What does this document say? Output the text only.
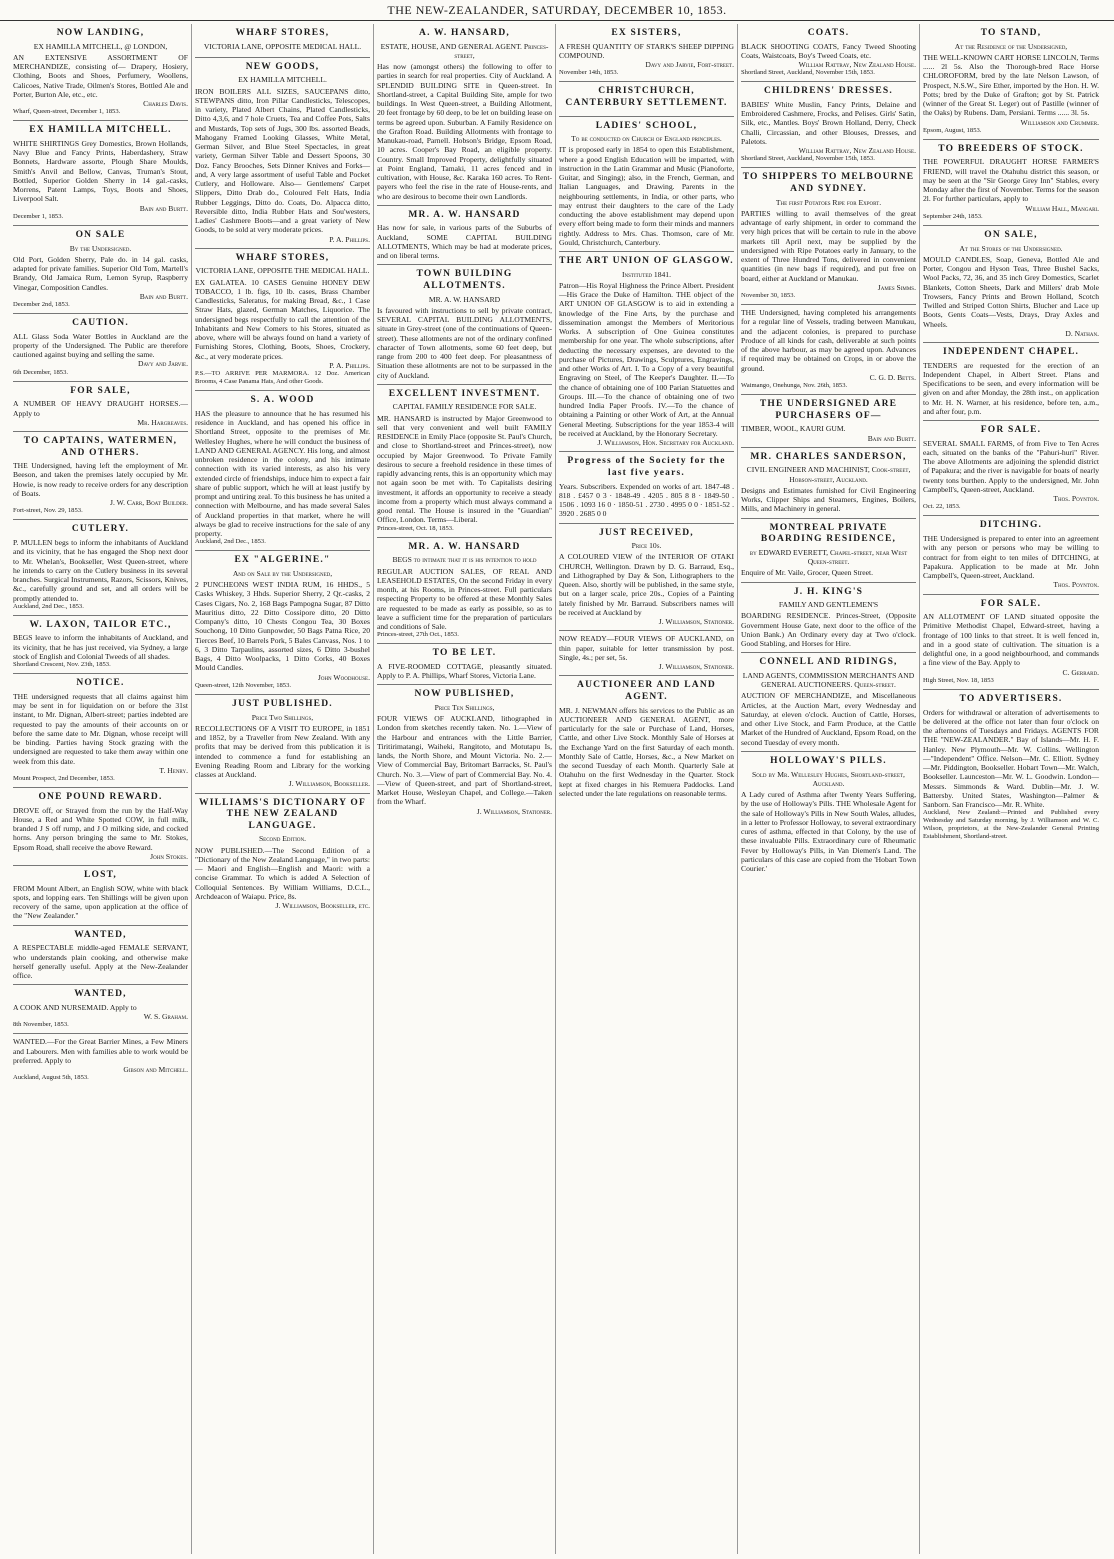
THE NEW-ZEALANDER, SATURDAY, DECEMBER 10, 1853.
NOW LANDING,
EX HAMILLA MITCHELL, @ LONDON,
AN EXTENSIVE ASSORTMENT OF MERCHANDIZE, consisting of— Drapery, Hosiery, Clothing, Boots and Shoes, Perfumery, Woollens, Calicoes, Native Trade, Oilmen's Stores, Bottled Ale and Porter, Burton Ale, etc., etc.
Charles Davis.
Wharf, Queen-street, December 1, 1853.
EX HAMILLA MITCHELL.
WHITE SHIRTINGS Grey Domestics, Brown Hollands, Navy Blue and Fancy Prints, Haberdashery, Straw Bonnets, Hardware assorte, Plough Share Moulds, Smith's Anvil and Bellow, Canvas, Truman's Stout, Bottled, Superior Golden Sherry in 14 gal.-casks, Morrens, Patent Lamps, Toys, Boots and Shoes, Liverpool Salt.
Bain and Burtt.
December 1, 1853.
ON SALE
By the Undersigned.
Old Port, Golden Sherry, Pale do. in 14 gal. casks, adapted for private families. Superior Old Tom, Martell's Brandy, Old Jamaica Rum, Lemon Syrup, Raspberry Vinegar, Composition Candles.
Bain and Burtt.
December 2nd, 1853.
CAUTION.
ALL Glass Soda Water Bottles in Auckland are the property of the Undersigned. The Public are therefore cautioned against buying and selling the same.
Davy and Jarvie.
6th December, 1853.
FOR SALE,
A NUMBER OF HEAVY DRAUGHT HORSES.—Apply to
Mr. Hargreaves.
TO CAPTAINS, WATERMEN, AND OTHERS.
THE Undersigned, having left the employment of Mr. Beeson, and taken the premises lately occupied by Mr. Howie, is now ready to receive orders for any description of Boats.
J. W. Carr, Boat Builder.
Fort-street, Nov. 29, 1853.
CUTLERY.
P. MULLEN begs to inform the inhabitants of Auckland and its vicinity, that he has engaged the Shop next door to Mr. Whelan's, Bookseller, West Queen-street, where he intends to carry on the Cutlery business in its several branches. Surgical Instruments, Razors, Scissors, Knives, &c., carefully ground and set, and all orders will be promptly attended to.
Auckland, 2nd Dec., 1853.
W. LAXON, TAILOR ETC.,
BEGS leave to inform the inhabitants of Auckland, and its vicinity, that he has just received, via Sydney, a large stock of English and Colonial Tweeds of all shades.
Shortland Crescent, Nov. 23th, 1853.
NOTICE.
THE undersigned requests that all claims against him may be sent in for liquidation on or before the 31st instant, to Mr. Dignan, Albert-street; parties indebted are requested to pay the amounts of their accounts on or before the same date to Mr. Dignan, whose receipt will be binding. Parties having Stock grazing with the undersigned are requested to take them away within one week from this date.
T. Henry.
Mount Prospect, 2nd December, 1853.
ONE POUND REWARD.
DROVE off, or Strayed from the run by the Half-Way House, a Red and White Spotted COW, in full milk, branded J S off rump, and J O milking side, and cocked horns. Any person bringing the same to Mr. Stokes, Epsom Road, shall receive the above Reward.
John Stokes.
LOST,
FROM Mount Albert, an English SOW, white with black spots, and lopping ears. Ten Shillings will be given upon recovery of the same, upon application at the office of the "New Zealander."
WANTED,
A RESPECTABLE middle-aged FEMALE SERVANT, who understands plain cooking, and otherwise make herself generally useful. Apply at the New-Zealander office.
WANTED,
A COOK AND NURSEMAID. Apply to
W. S. Graham.
8th November, 1853.
WANTED.—For the Great Barrier Mines, a Few Miners and Labourers. Men with families able to work would be preferred. Apply to
Gibson and Mitchell.
Auckland, August 5th, 1853.
WHARF STORES,
VICTORIA LANE, OPPOSITE MEDICAL HALL.
NEW GOODS,
EX HAMILLA MITCHELL.
IRON BOILERS ALL SIZES, SAUCEPANS ditto, STEWPANS ditto, Iron Pillar Candlesticks, Telescopes, in variety, Plated Albert Chains, Plated Candlesticks, Ditto 4,3,6, and 7 hole Cruets, Tea and Coffee Pots, Salts and Mustards, Top sets of Jugs, 300 lbs. assorted Beads, Mahogany Framed Looking Glasses, White Metal, German Silver, and Blue Steel Spectacles, in great variety, German Silver Table and Dessert Spoons, 30 Doz. Fancy Brooches, Sets Dinner Knives and Forks—and, A very large assortment of useful Table and Pocket Cutlery, and Holloware. Also— Gentlemens' Carpet Slippers, Ditto Drab do., Coloured Felt Hats, India Rubber Leggings, Ditto do. Coats, Do. Alpacca ditto, Reversible ditto, India Rubber Hats and Sou'westers, Ladies' Cashmere Boots—and a great variety of New Goods, to be sold at very moderate prices.
P. A. Phillips.
WHARF STORES,
VICTORIA LANE, OPPOSITE THE MEDICAL HALL.
EX GALATEA. 10 CASES Genuine HONEY DEW TOBACCO, 1 lb. figs, 10 lb. cases, Brass Chamber Candlesticks, Saleratus, for making Bread, &c., 1 Case Straw Hats, glazed, German Matches, Liquorice. The undersigned begs respectfully to call the attention of the Inhabitants and New Comers to his Stores, situated as above, where will be always found on hand a variety of Furnishing Stores, Clothing, Boots, Shoes, Crockery, &c., at very moderate prices.
P. A. Phillips.
P.S.—TO ARRIVE PER MARMORA. 12 Doz. American Brooms, 4 Case Panama Hats, And other Goods.
S. A. WOOD
HAS the pleasure to announce that he has resumed his residence in Auckland, and has opened his office in Shortland Street, opposite to the premises of Mr. Wellesley Hughes, where he will conduct the business of LAND AND GENERAL AGENCY. His long, and almost unbroken residence in the colony, and his intimate connection with its varied interests, as also his very extended circle of friendships, induce him to expect a fair share of public support, which he will at least justify by prompt and untiring zeal. To this business he has united a connection with Melbourne, and has made several Sales of Auckland properties in that market, where he will always be glad to receive instructions for the sale of any property.
Auckland, 2nd Dec., 1853.
EX "ALGERINE."
And on Sale by the Undersigned,
2 PUNCHEONS WEST INDIA RUM, 16 HHDS., 5 Casks Whiskey, 3 Hhds. Superior Sherry, 2 Qr.-casks, 2 Cases Cigars, No. 2, 168 Bags Pampogna Sugar, 87 Ditto Mauritius ditto, 22 Ditto Cossipore ditto, 20 Ditto Company's ditto, 10 Chests Congou Tea, 30 Boxes Souchong, 10 Ditto Gunpowder, 50 Bags Patna Rice, 20 Tierces Beef, 10 Barrels Pork, 5 Bales Canvass, Nos. 1 to 6, 3 Ditto Tarpaulins, assorted sizes, 6 Ditto 3-bushel Bags, 4 Ditto Woolpacks, 1 Ditto Corks, 40 Boxes Mould Candles.
John Woodhouse.
Queen-street, 12th November, 1853.
JUST PUBLISHED.
Price Two Shillings,
RECOLLECTIONS OF A VISIT TO EUROPE, in 1851 and 1852, by a Traveller from New Zealand. With any profits that may be derived from this publication it is intended to commence a fund for establishing an Evening Reading Room and Library for the working classes at Auckland.
J. Williamson, Bookseller.
WILLIAMS'S DICTIONARY OF THE NEW ZEALAND LANGUAGE.
Second Edition.
NOW PUBLISHED.—The Second Edition of a "Dictionary of the New Zealand Language," in two parts:— Maori and English—English and Maori: with a concise Grammar. To which is added A Selection of Colloquial Sentences. By William Williams, D.C.L., Archdeacon of Waiapu. Price, 8s.
J. Williamson, Bookseller, etc.
A. W. HANSARD,
ESTATE, HOUSE, AND GENERAL AGENT. Princes-street,
Has now (amongst others) the following to offer to parties in search for real properties. City of Auckland. A SPLENDID BUILDING SITE in Queen-street. In Shortland-street, a Capital Building Site, ample for two buildings. In West Queen-street, a Building Allotment, 20 feet frontage by 60 deep, to be let on building lease on terms be agreed upon. Suburban. A Family Residence on the Grafton Road. Building Allotments with frontage to Manukau-road, Parnell. Hobson's Bridge, Epsom Road, 10 acres. Cooper's Bay Road, an eligible property. Country. Small Improved Property, delightfully situated at Point England, Tamaki, 11 acres fenced and in cultivation, with House, &c. Karaka 160 acres. To Rent-payers who feel the rise in the rate of House-rents, and who are desirous to become their own Landlords.
MR. A. W. HANSARD
Has now for sale, in various parts of the Suburbs of Auckland, SOME CAPITAL BUILDING ALLOTMENTS, Which may be had at moderate prices, and on liberal terms.
TOWN BUILDING ALLOTMENTS.
MR. A. W. HANSARD
Is favoured with instructions to sell by private contract, SEVERAL CAPITAL BUILDING ALLOTMENTS, situate in Grey-street (one of the continuations of Queen-street). These allotments are not of the ordinary confined character of Town allotments, some 60 feet deep, but range from 200 to 400 feet deep. For pleasantness of Situation these allotments are not to be surpassed in the city of Auckland.
EXCELLENT INVESTMENT.
CAPITAL FAMILY RESIDENCE FOR SALE.
MR. HANSARD is instructed by Major Greenwood to sell that very convenient and well built FAMILY RESIDENCE in Emily Place (opposite St. Paul's Church, and close to Shortland-street and Princes-street), now occupied by Major Greenwood. To Private Family desirous to secure a freehold residence in these times of rapidly advancing rents, this is an opportunity which may not again soon be met with. To Capitalists desiring investment, it affords an opportunity to receive a steady income from a property which must always command a good rental. The House is insured in the "Guardian" Office, London. Terms—Liberal.
Princes-street, Oct. 18, 1853.
MR. A. W. HANSARD
BEGS to intimate that it is his intention to hold
REGULAR AUCTION SALES, OF REAL AND LEASEHOLD ESTATES, On the second Friday in every month, at his Rooms, in Princes-street. Full particulars respecting Property to be offered at these Monthly Sales are requested to be made as early as possible, so as to leave a sufficient time for the preparation of particulars and conditions of Sale.
Princes-street, 27th Oct., 1853.
TO BE LET.
A FIVE-ROOMED COTTAGE, pleasantly situated. Apply to P. A. Phillips, Wharf Stores, Victoria Lane.
NOW PUBLISHED,
Price Ten Shillings,
FOUR VIEWS OF AUCKLAND, lithographed in London from sketches recently taken. No. 1.—View of the Harbour and entrances with the Little Barrier, Tiritirimatangi, Waiheki, Rangitoto, and Motutapu Is, lands, the North Shore, and Mount Victoria. No. 2.—View of Commercial Bay, Britomart Barracks, St. Paul's Church. No. 3.—View of part of Commercial Bay. No. 4.—View of Queen-street, and part of Shortland-street, Market House, Wesleyan Chapel, and College.—Taken from the Wharf.
J. Williamson, Stationer.
EX SISTERS,
A FRESH QUANTITY OF STARK'S SHEEP DIPPING COMPOUND.
Davy and Jarvie, Fort-street.
November 14th, 1853.
CHRISTCHURCH, CANTERBURY SETTLEMENT.
LADIES' SCHOOL,
To be conducted on Church of England principles.
IT is proposed early in 1854 to open this Establishment, where a good English Education will be imparted, with instruction in the Latin Grammar and Music (Pianoforte, Guitar, and Singing); also, in the French, German, and Italian Languages, and Drawing. Parents in the neighbouring settlements, in India, or other parts, who may entrust their daughters to the care of the Lady conducting the above establishment may depend upon every effort being made to form their minds and manners rightly. Address to Mrs. Chas. Thomson, care of Mr. Gould, Christchurch, Canterbury.
THE ART UNION OF GLASGOW.
Instituted 1841.
Patron—His Royal Highness the Prince Albert. President—His Grace the Duke of Hamilton. THE object of the ART UNION OF GLASGOW is to aid in extending a knowledge of the Fine Arts, by the purchase and dissemination amongst the Members of Meritorious Works. A subscription of One Guinea constitutes membership for one year. The whole subscriptions, after deducting the necessary expenses, are devoted to the purchase of Pictures, Drawings, Sculptures, Engravings, and other Works of Art. I. To a Copy of a very beautiful Engraving on Steel, of The Keeper's Daughter. II.—To the chance of obtaining one of 100 Parian Statuettes and Groups. III.—To the chance of obtaining one of two hundred India Paper Proofs. IV.—To the chance of obtaining a Painting or other Work of Art, at the Annual General Meeting. Subscriptions for the year 1853-4 will be received at Auckland, by the Honorary Secretary.
J. Williamson, Hon. Secretary for Auckland.
Progress of the Society for the last five years.
Years. Subscribers. Expended on works of art. 1847-48 . 818 . £457 0 3 · 1848-49 . 4205 . 805 8 8 · 1849-50 . 1506 . 1093 16 0 · 1850-51 . 2730 . 4995 0 0 · 1851-52 . 3920 . 2685 0 0
JUST RECEIVED,
Price 10s.
A COLOURED VIEW of the INTERIOR OF OTAKI CHURCH, Wellington. Drawn by D. G. Barraud, Esq., and Lithographed by Day & Son, Lithographers to the Queen. Also, shortly will be published, in the same style, but on a larger scale, price 20s., Copies of a Painting lately finished by Mr. Barraud. Subscribers names will be received at Auckland by
J. Williamson, Stationer.
NOW READY—FOUR VIEWS OF AUCKLAND, on thin paper, suitable for letter transmission by post. Single, 4s.; per set, 5s.
J. Williamson, Stationer.
AUCTIONEER AND LAND AGENT.
MR. J. NEWMAN offers his services to the Public as an AUCTIONEER AND GENERAL AGENT, more particularly for the sale or Purchase of Land, Horses, Cattle, and other Live Stock. Monthly Sale of Horses at the Exchange Yard on the first Saturday of each month. Monthly Sale of Cattle, Horses, &c., a New Market on the second Tuesday of each Month. Quarterly Sale at Otahuhu on the first Wednesday in the Quarter. Stock kept at fixed charges in his Remuera Paddocks. Land selected under the late regulations on reasonable terms.
COATS.
BLACK SHOOTING COATS, Fancy Tweed Shooting Coats, Waistcoats, Boy's Tweed Coats, etc.
William Rattray, New Zealand House.
Shortland Street, Auckland, November 15th, 1853.
CHILDRENS' DRESSES.
BABIES' White Muslin, Fancy Prints, Delaine and Embroidered Cashmere, Frocks, and Pelises. Girls' Satin, Silk, etc., Mantles. Boys' Brown Holland, Derry, Check Challi, Circassian, and other Blouses, Dresses, and Paletots.
William Rattray, New Zealand House.
Shortland Street, Auckland, November 15th, 1853.
TO SHIPPERS TO MELBOURNE AND SYDNEY.
The first Potatoes Ripe for Export.
PARTIES willing to avail themselves of the great advantage of early shipment, in order to command the very high prices that will be certain to rule in the above markets till April next, may be supplied by the undersigned with Ripe Potatoes early in January, to the extent of Three Hundred Tons, delivered in convenient quantities (in new bags if required), and put free on board, either at Auckland or Manukau.
James Simms.
November 30, 1853.
THE Undersigned, having completed his arrangements for a regular line of Vessels, trading between Manukau, and the adjacent colonies, is prepared to purchase Produce of all kinds for cash, deliverable at such points of the above harbour, as may be agreed upon. Advances if required may be obtained on Crops, in or above the ground.
C. G. D. Betts.
Waimango, Onehunga, Nov. 26th, 1853.
THE UNDERSIGNED ARE PURCHASERS OF—
TIMBER, WOOL, KAURI GUM.
Bain and Burtt.
MR. CHARLES SANDERSON,
CIVIL ENGINEER AND MACHINIST, Cook-street, Hobson-street, Auckland.
Designs and Estimates furnished for Civil Engineering Works, Clipper Ships and Steamers, Engines, Boilers, Mills, and Machinery in general.
MONTREAL PRIVATE BOARDING RESIDENCE,
by EDWARD EVERETT, Chapel-street, near West Queen-street.
Enquire of Mr. Vaile, Grocer, Queen Street.
J. H. KING'S
FAMILY AND GENTLEMEN'S
BOARDING RESIDENCE. Princes-Street, (Opposite Government House Gate, next door to the office of the Union Bank.) An Ordinary every day at Two o'clock. Good Stabling, and Horses for Hire.
CONNELL AND RIDINGS,
LAND AGENTS, COMMISSION MERCHANTS AND GENERAL AUCTIONEERS. Queen-street.
AUCTION OF MERCHANDIZE, and Miscellaneous Articles, at the Auction Mart, every Wednesday and Saturday, at eleven o'clock. Auction of Cattle, Horses, and other Live Stock, and Farm Produce, at the Cattle Market of the Hundred of Auckland, Epsom Road, on the second Tuesday of every month.
HOLLOWAY'S PILLS.
Sold by Mr. Wellesley Hughes, Shortland-street, Auckland.
A Lady cured of Asthma after Twenty Years Suffering, by the use of Holloway's Pills. THE Wholesale Agent for the sale of Holloway's Pills in New South Wales, alludes, in a letter to Professor Holloway, to several extraordinary cures of asthma, effected in that Colony, by the use of these invaluable Pills. Extraordinary cure of Rheumatic Fever by Holloway's Pills, in Van Diemen's Land. The particulars of this case are copied from the 'Hobart Town Courier.'
TO STAND,
At the Residence of the Undersigned,
THE WELL-KNOWN CART HORSE LINCOLN, Terms ...... 2l 5s. Also the Thorough-bred Race Horse CHLOROFORM, bred by the late Nelson Lawson, of Prospect, N.S.W., Sire Ether, imported by the Hon. H. W. Potts; bred by the Duke of Grafton; got by St. Patrick (winner of the Great St. Leger) out of Pastille (winner of the Oaks) by Rubens. Dam, Persiani. Terms ...... 3l. 5s.
Williamson and Crummer.
Epsom, August, 1853.
TO BREEDERS OF STOCK.
THE POWERFUL DRAUGHT HORSE FARMER'S FRIEND, will travel the Otahuhu district this season, or may be seen at the "Sir George Grey Inn" Stables, every Monday after the first of November. Terms for the season 2l. For further particulars, apply to
William Hall, Mangari.
September 24th, 1853.
ON SALE,
At the Stores of the Undersigned.
MOULD CANDLES, Soap, Geneva, Bottled Ale and Porter, Congou and Hyson Teas, Three Bushel Sacks, Wool Packs, 72, 36, and 35 inch Grey Domestics, Scarlet Blankets, Cotton Sheets, Dark and Millers' drab Mole Trowsers, Fancy Prints and Brown Holland, Scotch Twilled and Striped Cotton Shirts, Blucher and Lace up Boots, Gents Coats—Vests, Drays, Dray Axles and Wheels.
D. Nathan.
INDEPENDENT CHAPEL.
TENDERS are requested for the erection of an Independent Chapel, in Albert Street. Plans and Specifications to be seen, and every information will be given on and after Monday, the 28th inst., on application to Mr. H. N. Warner, at his residence, before ten, a.m., and after four, p.m.
FOR SALE.
SEVERAL SMALL FARMS, of from Five to Ten Acres each, situated on the banks of the "Pahuri-huri" River. The above Allotments are adjoining the splendid district of Papakura; and the river is navigable for boats of nearly twenty tons burthen. Apply to the undersigned, Mr. John Campbell's, Queen-street, Auckland.
Thos. Poynton.
Oct. 22, 1853.
DITCHING.
THE Undersigned is prepared to enter into an agreement with any person or persons who may be willing to contract for from eight to ten miles of DITCHING, at Papakura. Application to be made at Mr. John Campbell's, Queen-street, Auckland.
Thos. Poynton.
FOR SALE.
AN ALLOTMENT OF LAND situated opposite the Primitive Methodist Chapel, Edward-street, having a frontage of 100 links to that street. It is well fenced in, and in a good state of cultivation. The situation is a delightful one, in a good neighbourhood, and commands a fine view of the Bay. Apply to
C. Gerrard.
High Street, Nov. 18, 1853
TO ADVERTISERS.
Orders for withdrawal or alteration of advertisements to be delivered at the office not later than four o'clock on the afternoons of Tuesdays and Fridays. AGENTS FOR THE "NEW-ZEALANDER." Bay of Islands—Mr. H. F. Hanley. New Plymouth—Mr. W. Collins. Wellington—"Independent" Office. Nelson—Mr. C. Elliott. Sydney—Mr. Piddington, Bookseller. Hobart Town—Mr. Walch, Bookseller. Launceston—Mr. W. L. Goodwin. London—Messrs. Simmonds & Ward. Dublin—Mr. J. W. Battersby. United States, Washington—Palmer & Sanborn. San Francisco—Mr. R. White.
Auckland, New Zealand:—Printed and Published every Wednesday and Saturday morning, by J. Williamson and W. C. Wilson, proprietors, at the New-Zealander General Printing Establishment, Shortland-street.
